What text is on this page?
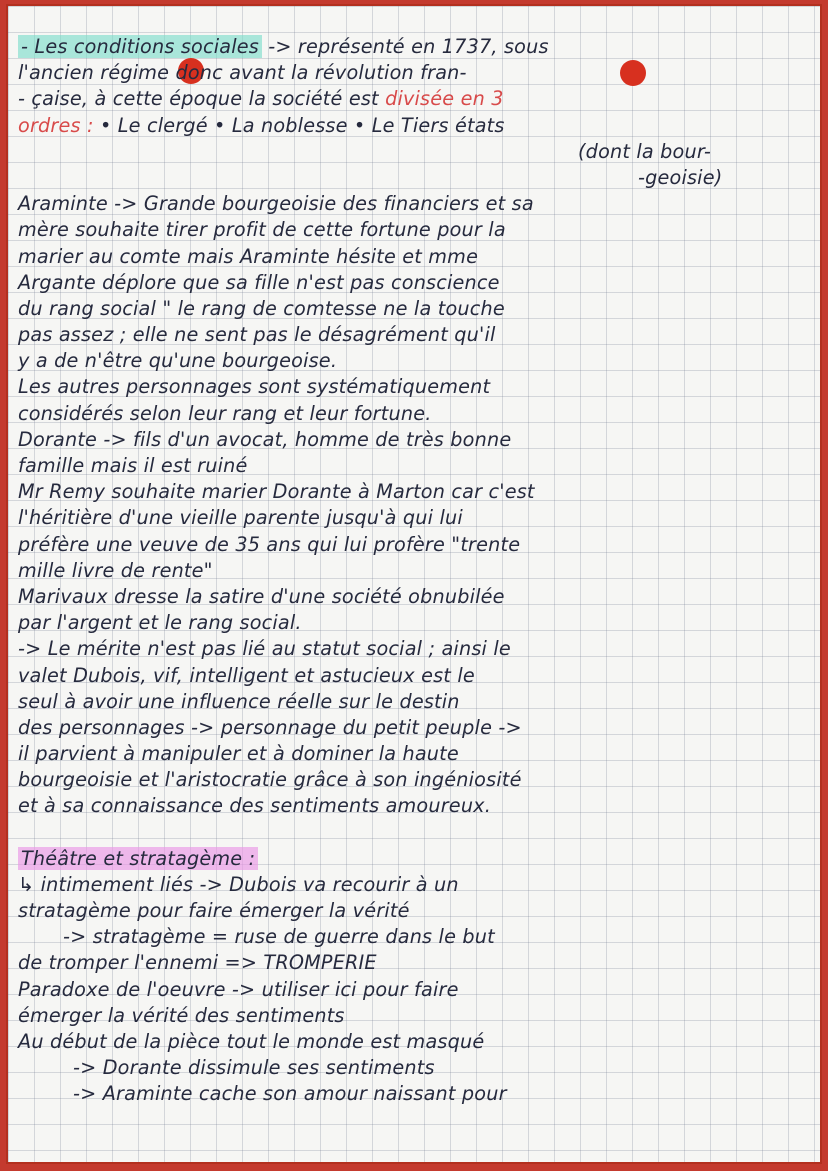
- Les conditions sociales -> représenté en 1737, sous
l'ancien régime donc avant la révolution fran-
- çaise, à cette époque la société est divisée en 3
ordres : • Le clergé • La noblesse • Le Tiers états
(dont la bour-
-geoisie)
Araminte -> Grande bourgeoisie des financiers et sa
mère souhaite tirer profit de cette fortune pour la
marier au comte mais Araminte hésite et mme
Argante déplore que sa fille n'est pas conscience
du rang social " le rang de comtesse ne la touche
pas assez ; elle ne sent pas le désagrément qu'il
y a de n'être qu'une bourgeoise.
Les autres personnages sont systématiquement
considérés selon leur rang et leur fortune.
Dorante -> fils d'un avocat, homme de très bonne
famille mais il est ruiné
Mr Remy souhaite marier Dorante à Marton car c'est
l'héritière d'une vieille parente jusqu'à qui lui
préfère une veuve de 35 ans qui lui profère "trente
mille livre de rente"
Marivaux dresse la satire d'une société obnubilée
par l'argent et le rang social.
-> Le mérite n'est pas lié au statut social ; ainsi le
valet Dubois, vif, intelligent et astucieux est le
seul à avoir une influence réelle sur le destin
des personnages -> personnage du petit peuple ->
il parvient à manipuler et à dominer la haute
bourgeoisie et l'aristocratie grâce à son ingéniosité
et à sa connaissance des sentiments amoureux.
Théâtre et stratagème :
↳ intimement liés -> Dubois va recourir à un
stratagème pour faire émerger la vérité
-> stratagème = ruse de guerre dans le but
de tromper l'ennemi => TROMPERIE
Paradoxe de l'oeuvre -> utiliser ici pour faire
émerger la vérité des sentiments
Au début de la pièce tout le monde est masqué
-> Dorante dissimule ses sentiments
-> Araminte cache son amour naissant pour
